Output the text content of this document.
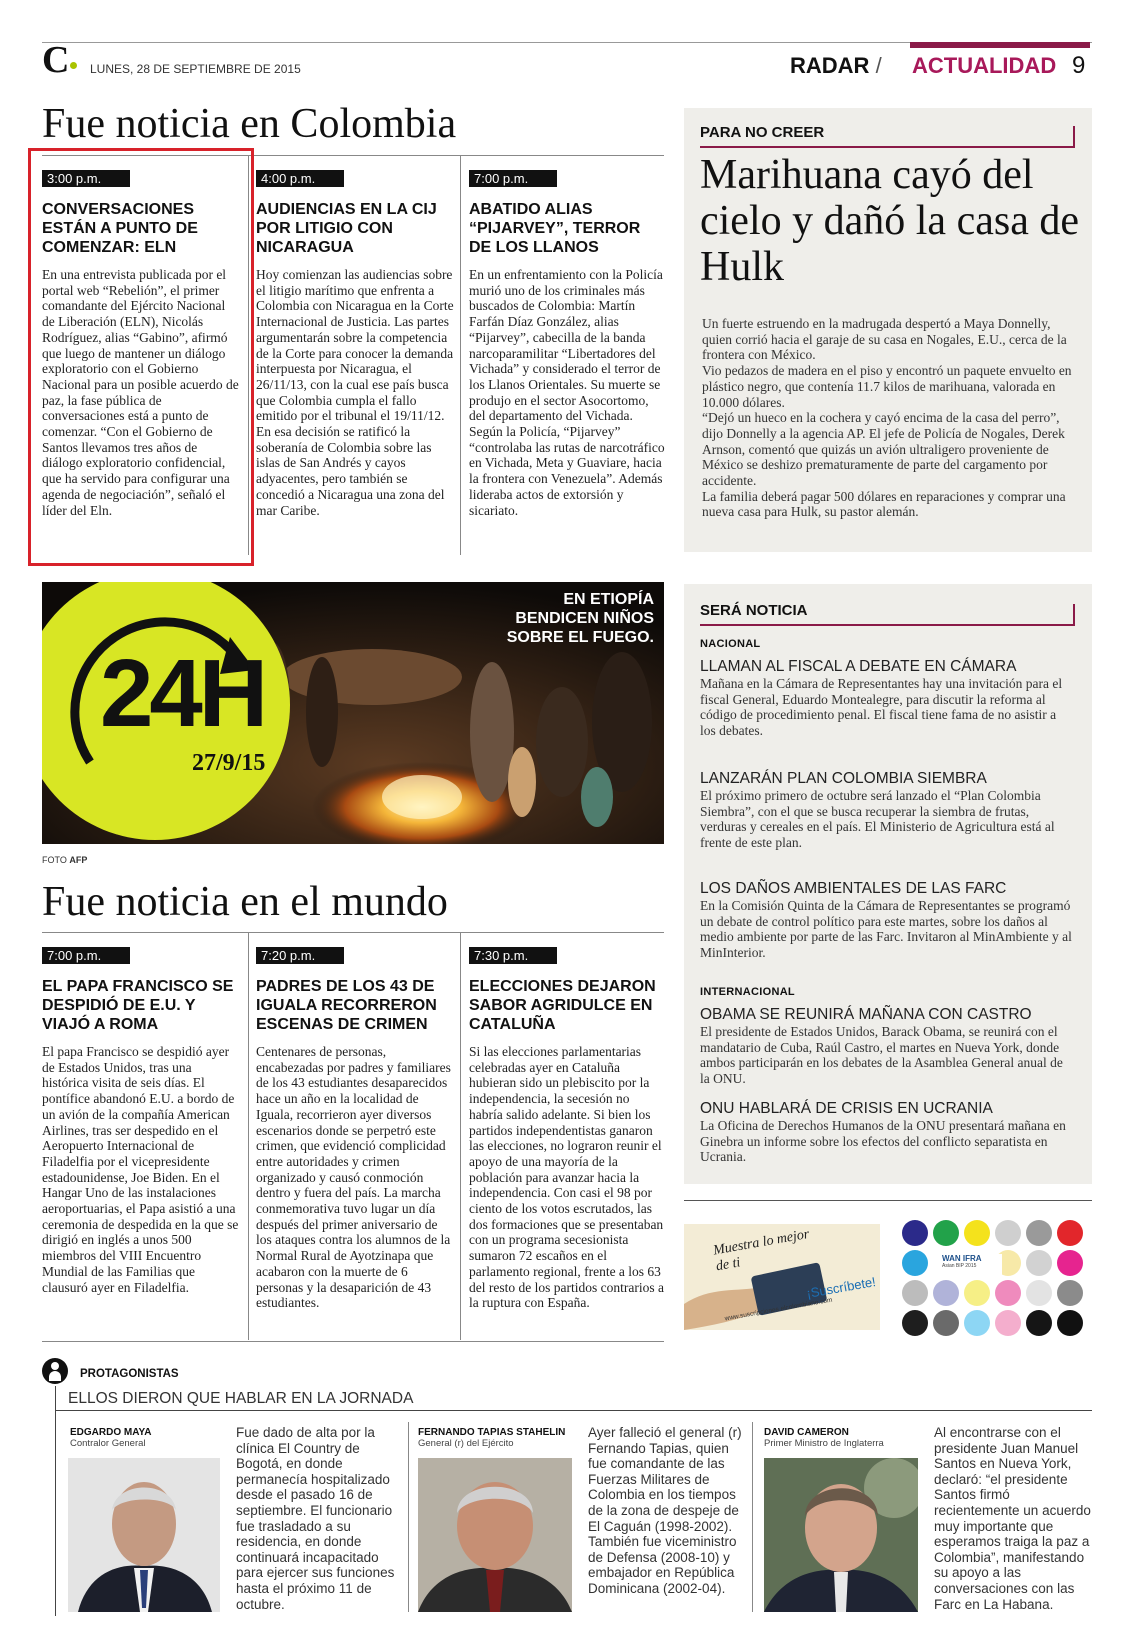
C LUNES, 28 DE SEPTIEMBRE DE 2015	RADAR / ACTUALIDAD 9
Fue noticia en Colombia
3:00 p.m.
CONVERSACIONES ESTÁN A PUNTO DE COMENZAR: ELN
En una entrevista publicada por el portal web “Rebelión”, el primer comandante del Ejército Nacional de Liberación (ELN), Nicolás Rodríguez, alias “Gabino”, afirmó que luego de mantener un diálogo exploratorio con el Gobierno Nacional para un posible acuerdo de paz, la fase pública de conversaciones está a punto de comenzar. “Con el Gobierno de Santos llevamos tres años de diálogo exploratorio confidencial, que ha servido para configurar una agenda de negociación”, señaló el líder del Eln.
4:00 p.m.
AUDIENCIAS EN LA CIJ POR LITIGIO CON NICARAGUA
Hoy comienzan las audiencias sobre el litigio marítimo que enfrenta a Colombia con Nicaragua en la Corte Internacional de Justicia. Las partes argumentarán sobre la competencia de la Corte para conocer la demanda interpuesta por Nicaragua, el 26/11/13, con la cual ese país busca que Colombia cumpla el fallo emitido por el tribunal el 19/11/12. En esa decisión se ratificó la soberanía de Colombia sobre las islas de San Andrés y cayos adyacentes, pero también se concedió a Nicaragua una zona del mar Caribe.
7:00 p.m.
ABATIDO ALIAS “PIJARVEY”, TERROR DE LOS LLANOS
En un enfrentamiento con la Policía murió uno de los criminales más buscados de Colombia: Martín Farfán Díaz González, alias “Pijarvey”, cabecilla de la banda narcoparamilitar “Libertadores del Vichada” y considerado el terror de los Llanos Orientales. Su muerte se produjo en el sector Asocortomo, del departamento del Vichada. Según la Policía, “Pijarvey” “controlaba las rutas de narcotráfico en Vichada, Meta y Guaviare, hacia la frontera con Venezuela”. Además lideraba actos de extorsión y sicariato.
24H
27/9/15
EN ETIOPÍA BENDICEN NIÑOS SOBRE EL FUEGO.
FOTO AFP
Fue noticia en el mundo
7:00 p.m.
EL PAPA FRANCISCO SE DESPIDIÓ DE E.U. Y VIAJÓ A ROMA
El papa Francisco se despidió ayer de Estados Unidos, tras una histórica visita de seis días. El pontífice abandonó E.U. a bordo de un avión de la compañía American Airlines, tras ser despedido en el Aeropuerto Internacional de Filadelfia por el vicepresidente estadounidense, Joe Biden. En el Hangar Uno de las instalaciones aeroportuarias, el Papa asistió a una ceremonia de despedida en la que se dirigió en inglés a unos 500 miembros del VIII Encuentro Mundial de las Familias que clausuró ayer en Filadelfia.
7:20 p.m.
PADRES DE LOS 43 DE IGUALA RECORRERON ESCENAS DE CRIMEN
Centenares de personas, encabezadas por padres y familiares de los 43 estudiantes desaparecidos hace un año en la localidad de Iguala, recorrieron ayer diversos escenarios donde se perpetró este crimen, que evidenció complicidad entre autoridades y crimen organizado y causó conmoción dentro y fuera del país. La marcha conmemorativa tuvo lugar un día después del primer aniversario de los ataques contra los alumnos de la Normal Rural de Ayotzinapa que acabaron con la muerte de 6 personas y la desaparición de 43 estudiantes.
7:30 p.m.
ELECCIONES DEJARON SABOR AGRIDULCE EN CATALUÑA
Si las elecciones parlamentarias celebradas ayer en Cataluña hubieran sido un plebiscito por la independencia, la secesión no habría salido adelante. Si bien los partidos independentistas ganaron las elecciones, no lograron reunir el apoyo de una mayoría de la población para avanzar hacia la independencia. Con casi el 98 por ciento de los votos escrutados, las dos formaciones que se presentaban con un programa secesionista sumaron 72 escaños en el parlamento regional, frente a los 63 del resto de los partidos contrarios a la ruptura con España.
PARA NO CREER
Marihuana cayó del cielo y dañó la casa de Hulk
Un fuerte estruendo en la madrugada despertó a Maya Donnelly, quien corrió hacia el garaje de su casa en Nogales, E.U., cerca de la frontera con México.
Vio pedazos de madera en el piso y encontró un paquete envuelto en plástico negro, que contenía 11.7 kilos de marihuana, valorada en 10.000 dólares.
“Dejó un hueco en la cochera y cayó encima de la casa del perro”, dijo Donnelly a la agencia AP. El jefe de Policía de Nogales, Derek Arnson, comentó que quizás un avión ultraligero proveniente de México se deshizo prematuramente de parte del cargamento por accidente.
La familia deberá pagar 500 dólares en reparaciones y comprar una nueva casa para Hulk, su pastor alemán.
SERÁ NOTICIA
NACIONAL
LLAMAN AL FISCAL A DEBATE EN CÁMARA
Mañana en la Cámara de Representantes hay una invitación para el fiscal General, Eduardo Montealegre, para discutir la reforma al código de procedimiento penal. El fiscal tiene fama de no asistir a los debates.
LANZARÁN PLAN COLOMBIA SIEMBRA
El próximo primero de octubre será lanzado el “Plan Colombia Siembra”, con el que se busca recuperar la siembra de frutas, verduras y cereales en el país. El Ministerio de Agricultura está al frente de este plan.
LOS DAÑOS AMBIENTALES DE LAS FARC
En la Comisión Quinta de la Cámara de Representantes se programó un debate de control político para este martes, sobre los daños al medio ambiente por parte de las Farc. Invitaron al MinAmbiente y al MinInterior.
INTERNACIONAL
OBAMA SE REUNIRÁ MAÑANA CON CASTRO
El presidente de Estados Unidos, Barack Obama, se reunirá con el mandatario de Cuba, Raúl Castro, el martes en Nueva York, donde ambos participarán en los debates de la Asamblea General anual de la ONU.
ONU HABLARÁ DE CRISIS EN UCRANIA
La Oficina de Derechos Humanos de la ONU presentará mañana en Ginebra un informe sobre los efectos del conflicto separatista en Ucrania.
Muestra lo mejor de ti
¡Suscríbete!
www.suscripciones.elcolombiano.com
WAN IFRA
Asian BIP 2015
PROTAGONISTAS
ELLOS DIERON QUE HABLAR EN LA JORNADA
EDGARDO MAYA
Contralor General
Fue dado de alta por la clínica El Country de Bogotá, en donde permanecía hospitalizado desde el pasado 16 de septiembre. El funcionario fue trasladado a su residencia, en donde continuará incapacitado para ejercer sus funciones hasta el próximo 11 de octubre.
FERNANDO TAPIAS STAHELIN
General (r) del Ejército
Ayer falleció el general (r) Fernando Tapias, quien fue comandante de las Fuerzas Militares de Colombia en los tiempos de la zona de despeje de El Caguán (1998-2002). También fue viceministro de Defensa (2008-10) y embajador en República Dominicana (2002-04).
DAVID CAMERON
Primer Ministro de Inglaterra
Al encontrarse con el presidente Juan Manuel Santos en Nueva York, declaró: “el presidente Santos firmó recientemente un acuerdo muy importante que esperamos traiga la paz a Colombia”, manifestando su apoyo a las conversaciones con las Farc en La Habana.
